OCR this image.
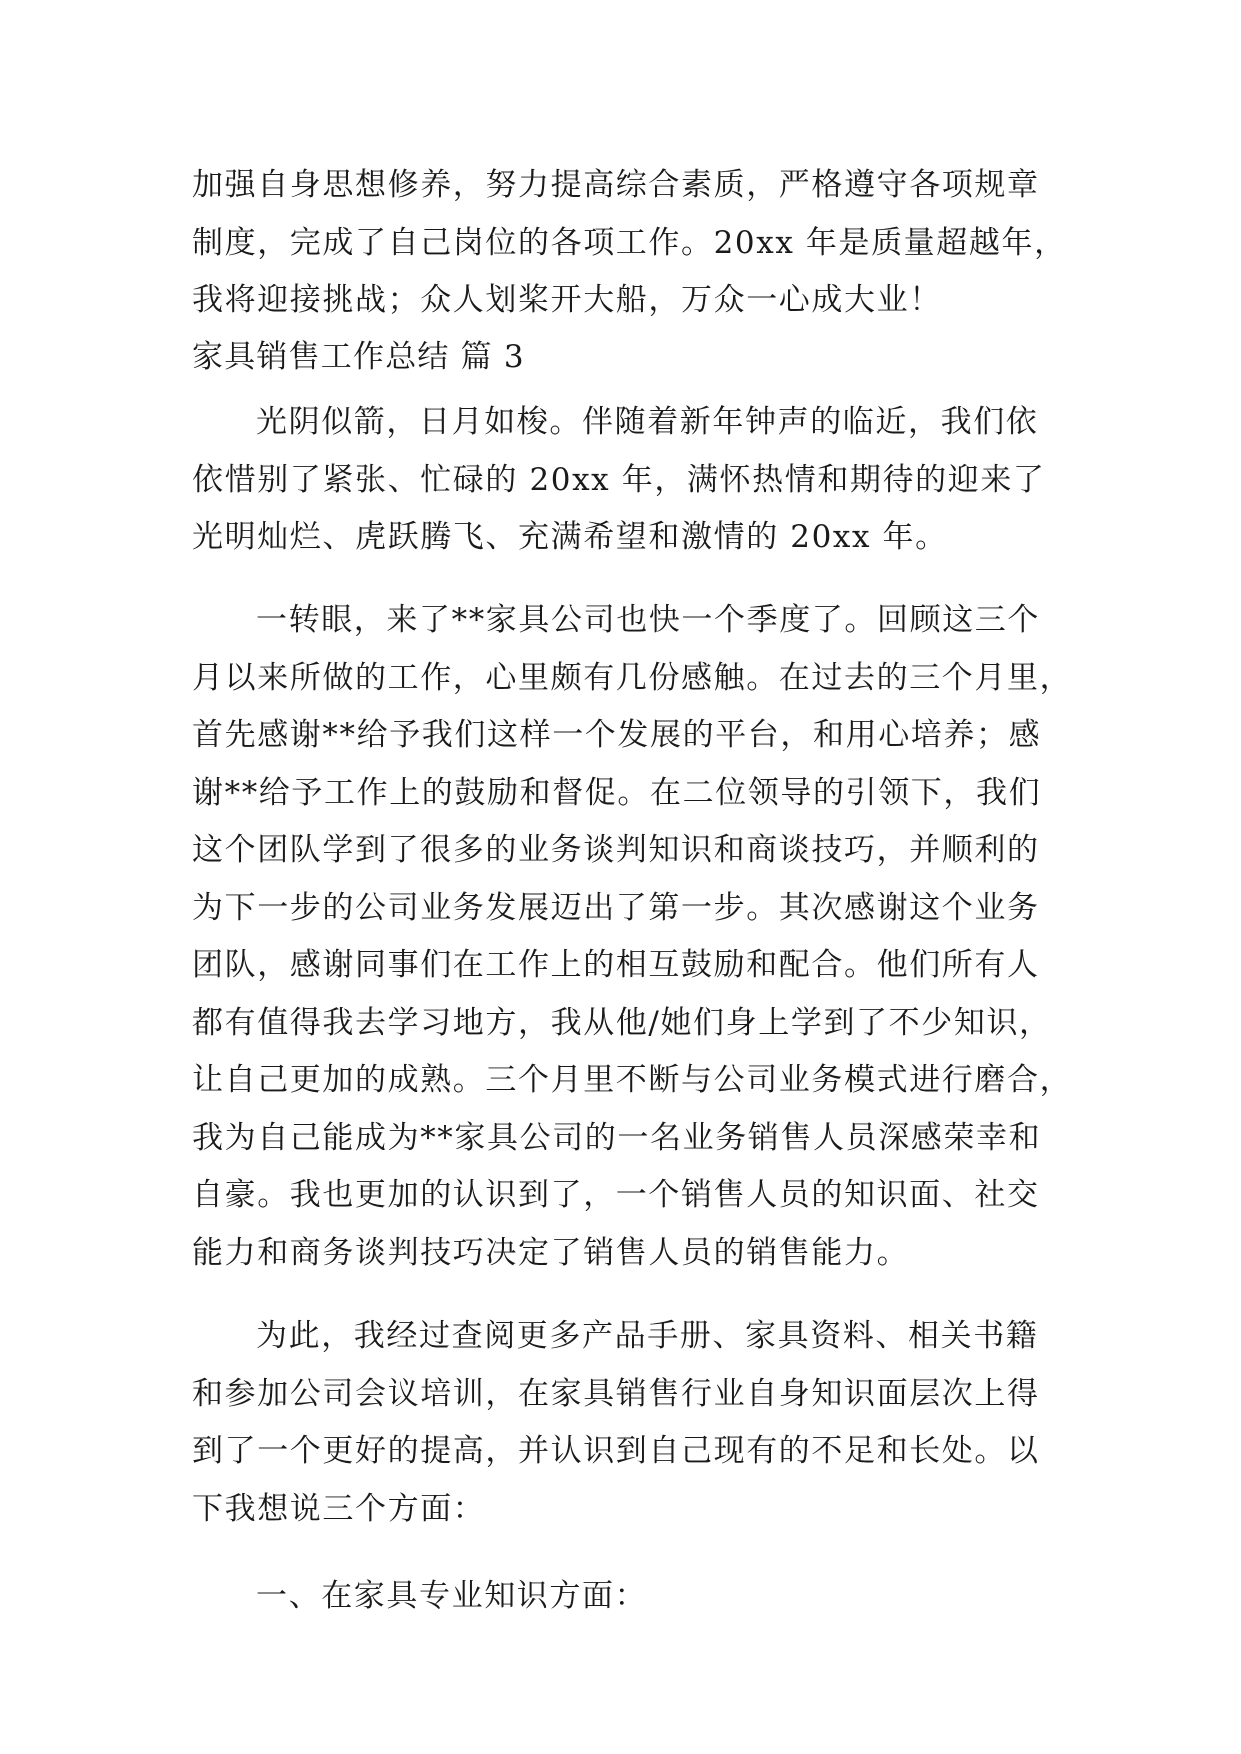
加强自身思想修养，努力提高综合素质，严格遵守各项规章
制度，完成了自己岗位的各项工作。20xx 年是质量超越年，
我将迎接挑战；众人划桨开大船，万众一心成大业！
家具销售工作总结 篇 3
光阴似箭，日月如梭。伴随着新年钟声的临近，我们依
依惜别了紧张、忙碌的 20xx 年，满怀热情和期待的迎来了
光明灿烂、虎跃腾飞、充满希望和激情的 20xx 年。
一转眼，来了**家具公司也快一个季度了。回顾这三个
月以来所做的工作，心里颇有几份感触。在过去的三个月里，
首先感谢**给予我们这样一个发展的平台，和用心培养；感
谢**给予工作上的鼓励和督促。在二位领导的引领下，我们
这个团队学到了很多的业务谈判知识和商谈技巧，并顺利的
为下一步的公司业务发展迈出了第一步。其次感谢这个业务
团队，感谢同事们在工作上的相互鼓励和配合。他们所有人
都有值得我去学习地方，我从他/她们身上学到了不少知识，
让自己更加的成熟。三个月里不断与公司业务模式进行磨合，
我为自己能成为**家具公司的一名业务销售人员深感荣幸和
自豪。我也更加的认识到了，一个销售人员的知识面、社交
能力和商务谈判技巧决定了销售人员的销售能力。
为此，我经过查阅更多产品手册、家具资料、相关书籍
和参加公司会议培训，在家具销售行业自身知识面层次上得
到了一个更好的提高，并认识到自己现有的不足和长处。以
下我想说三个方面：
一、在家具专业知识方面：
